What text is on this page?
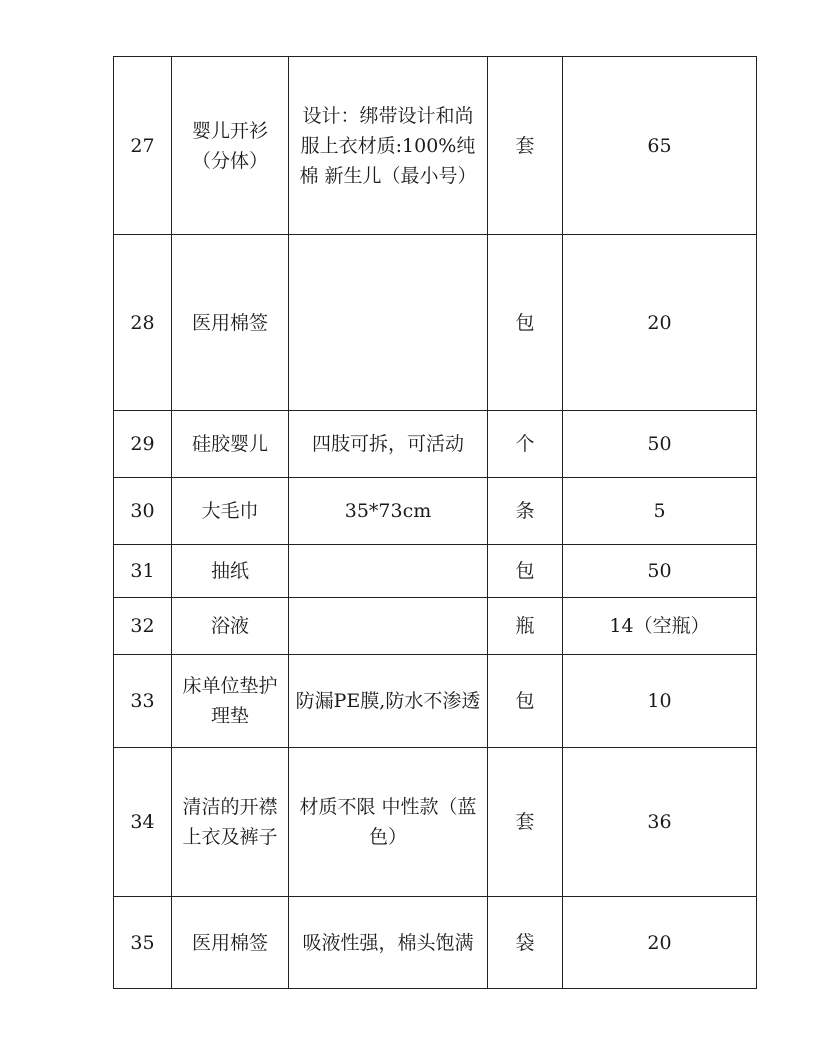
27	婴儿开衫（分体）	设计：绑带设计和尚服上衣材质:100%纯棉 新生儿（最小号）	套	65
28	医用棉签		包	20
29	硅胶婴儿	四肢可拆，可活动	个	50
30	大毛巾	35*73cm	条	5
31	抽纸		包	50
32	浴液		瓶	14（空瓶）
33	床单位垫护理垫	防漏PE膜,防水不渗透	包	10
34	清洁的开襟上衣及裤子	材质不限 中性款（蓝色）	套	36
35	医用棉签	吸液性强，棉头饱满	袋	20
